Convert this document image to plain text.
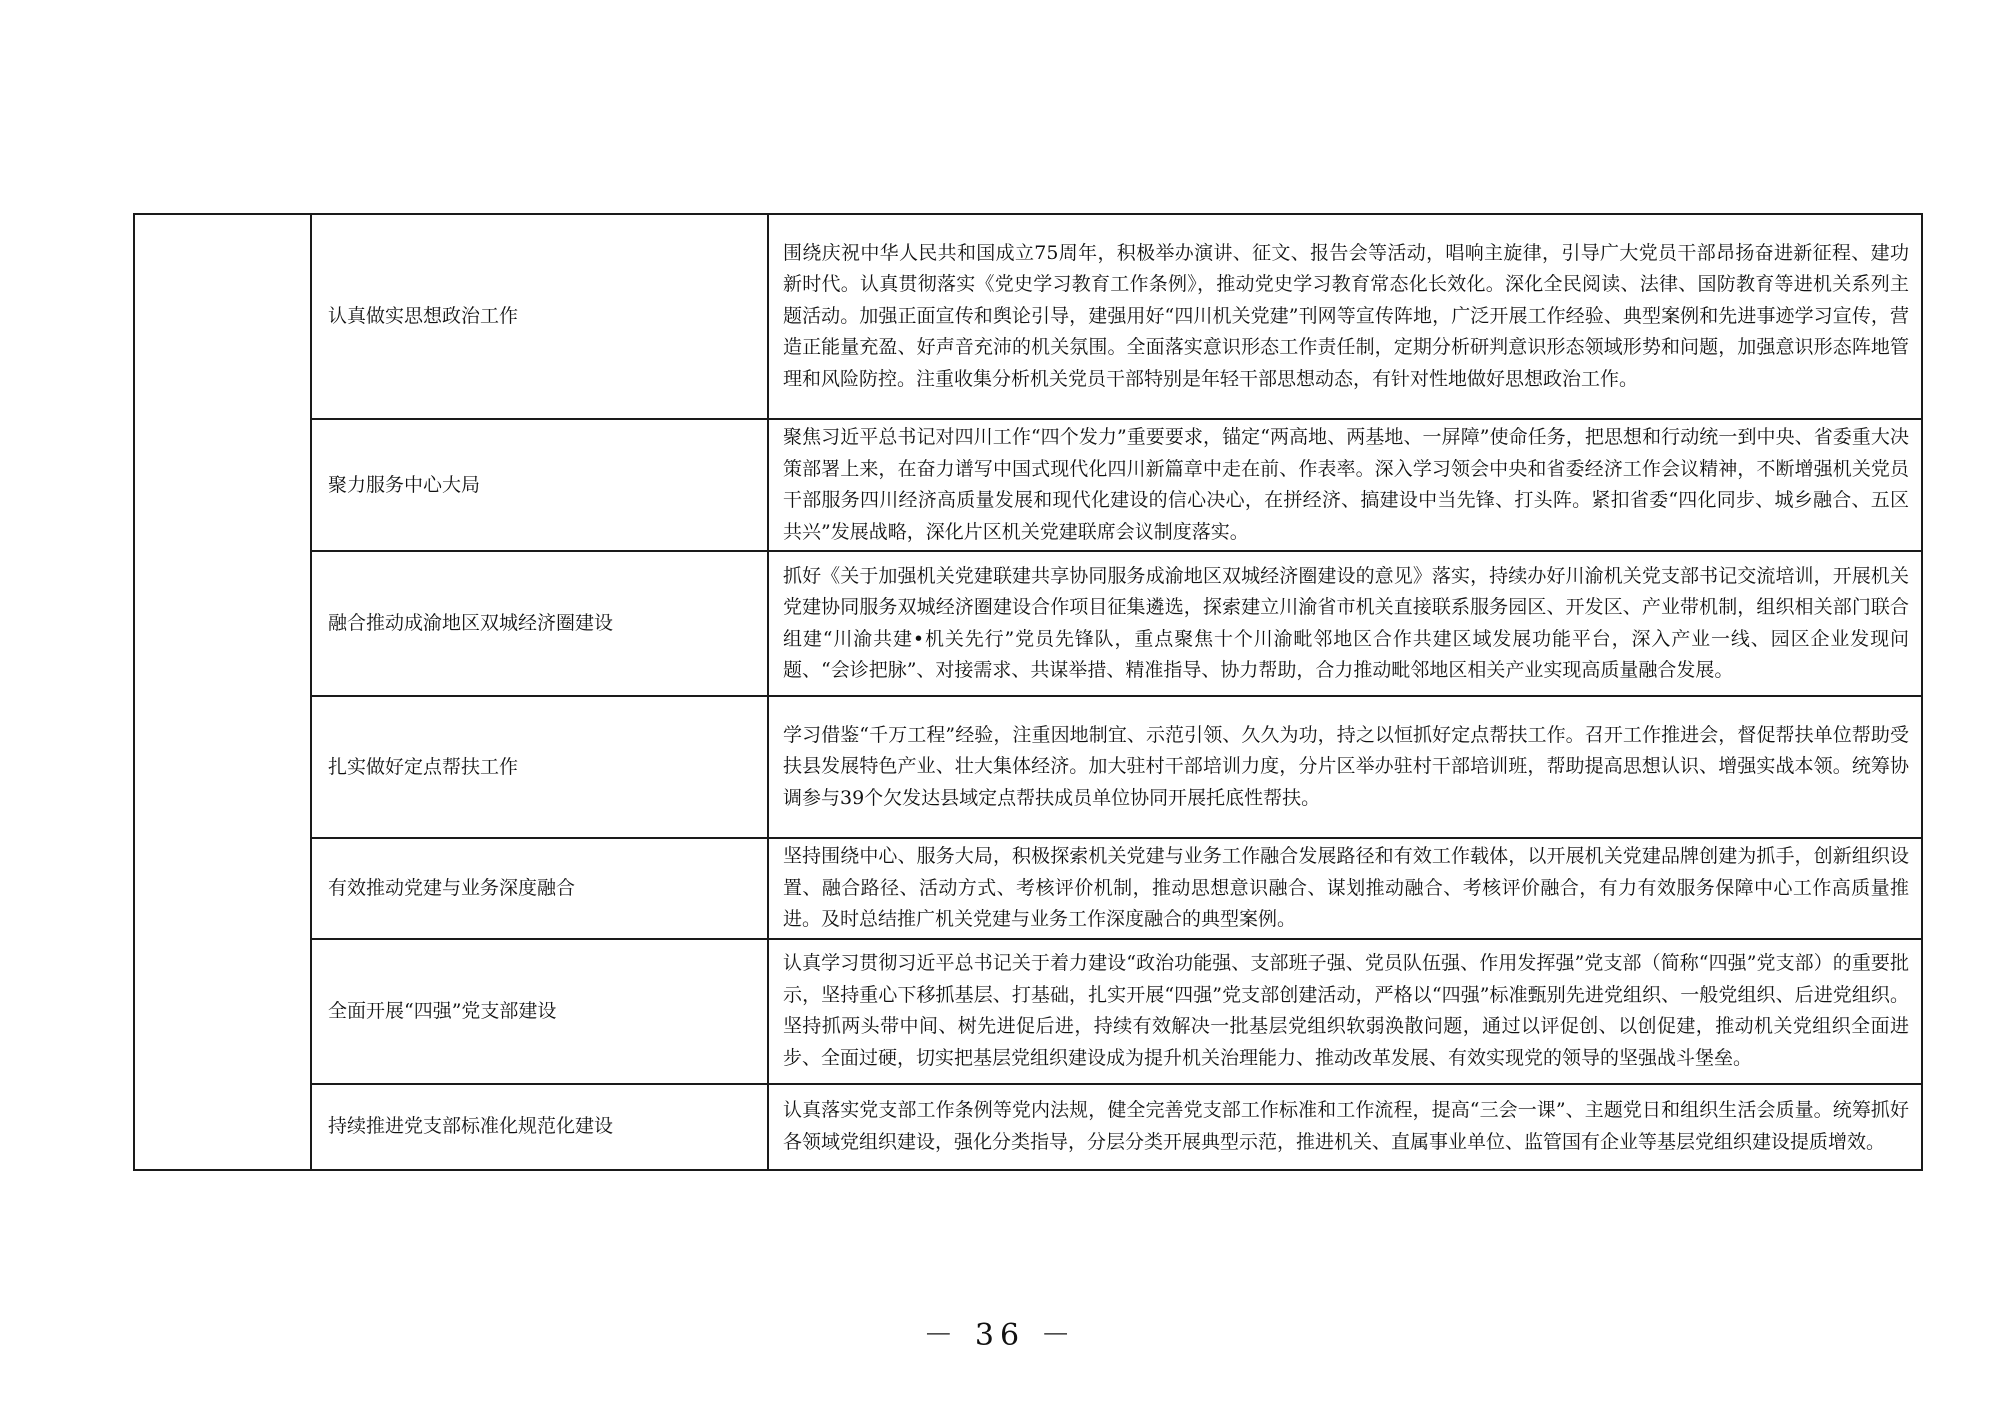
	认真做实思想政治工作	围绕庆祝中华人民共和国成立75周年，积极举办演讲、征文、报告会等活动，唱响主旋律，引导广大党员干部昂扬奋进新征程、建功新时代。认真贯彻落实《党史学习教育工作条例》，推动党史学习教育常态化长效化。深化全民阅读、法律、国防教育等进机关系列主题活动。加强正面宣传和舆论引导，建强用好“四川机关党建”刊网等宣传阵地，广泛开展工作经验、典型案例和先进事迹学习宣传，营造正能量充盈、好声音充沛的机关氛围。全面落实意识形态工作责任制，定期分析研判意识形态领域形势和问题，加强意识形态阵地管理和风险防控。注重收集分析机关党员干部特别是年轻干部思想动态，有针对性地做好思想政治工作。
	聚力服务中心大局	聚焦习近平总书记对四川工作“四个发力”重要要求，锚定“两高地、两基地、一屏障”使命任务，把思想和行动统一到中央、省委重大决策部署上来，在奋力谱写中国式现代化四川新篇章中走在前、作表率。深入学习领会中央和省委经济工作会议精神，不断增强机关党员干部服务四川经济高质量发展和现代化建设的信心决心，在拼经济、搞建设中当先锋、打头阵。紧扣省委“四化同步、城乡融合、五区共兴”发展战略，深化片区机关党建联席会议制度落实。
	融合推动成渝地区双城经济圈建设	抓好《关于加强机关党建联建共享协同服务成渝地区双城经济圈建设的意见》落实，持续办好川渝机关党支部书记交流培训，开展机关党建协同服务双城经济圈建设合作项目征集遴选，探索建立川渝省市机关直接联系服务园区、开发区、产业带机制，组织相关部门联合组建“川渝共建•机关先行”党员先锋队，重点聚焦十个川渝毗邻地区合作共建区域发展功能平台，深入产业一线、园区企业发现问题、“会诊把脉”、对接需求、共谋举措、精准指导、协力帮助，合力推动毗邻地区相关产业实现高质量融合发展。
	扎实做好定点帮扶工作	学习借鉴“千万工程”经验，注重因地制宜、示范引领、久久为功，持之以恒抓好定点帮扶工作。召开工作推进会，督促帮扶单位帮助受扶县发展特色产业、壮大集体经济。加大驻村干部培训力度，分片区举办驻村干部培训班，帮助提高思想认识、增强实战本领。统筹协调参与39个欠发达县域定点帮扶成员单位协同开展托底性帮扶。
	有效推动党建与业务深度融合	坚持围绕中心、服务大局，积极探索机关党建与业务工作融合发展路径和有效工作载体，以开展机关党建品牌创建为抓手，创新组织设置、融合路径、活动方式、考核评价机制，推动思想意识融合、谋划推动融合、考核评价融合，有力有效服务保障中心工作高质量推进。及时总结推广机关党建与业务工作深度融合的典型案例。
	全面开展“四强”党支部建设	认真学习贯彻习近平总书记关于着力建设“政治功能强、支部班子强、党员队伍强、作用发挥强”党支部（简称“四强”党支部）的重要批示，坚持重心下移抓基层、打基础，扎实开展“四强”党支部创建活动，严格以“四强”标准甄别先进党组织、一般党组织、后进党组织。坚持抓两头带中间、树先进促后进，持续有效解决一批基层党组织软弱涣散问题，通过以评促创、以创促建，推动机关党组织全面进步、全面过硬，切实把基层党组织建设成为提升机关治理能力、推动改革发展、有效实现党的领导的坚强战斗堡垒。
	持续推进党支部标准化规范化建设	认真落实党支部工作条例等党内法规，健全完善党支部工作标准和工作流程，提高“三会一课”、主题党日和组织生活会质量。统筹抓好各领域党组织建设，强化分类指导，分层分类开展典型示范，推进机关、直属事业单位、监管国有企业等基层党组织建设提质增效。
－ 36 －
